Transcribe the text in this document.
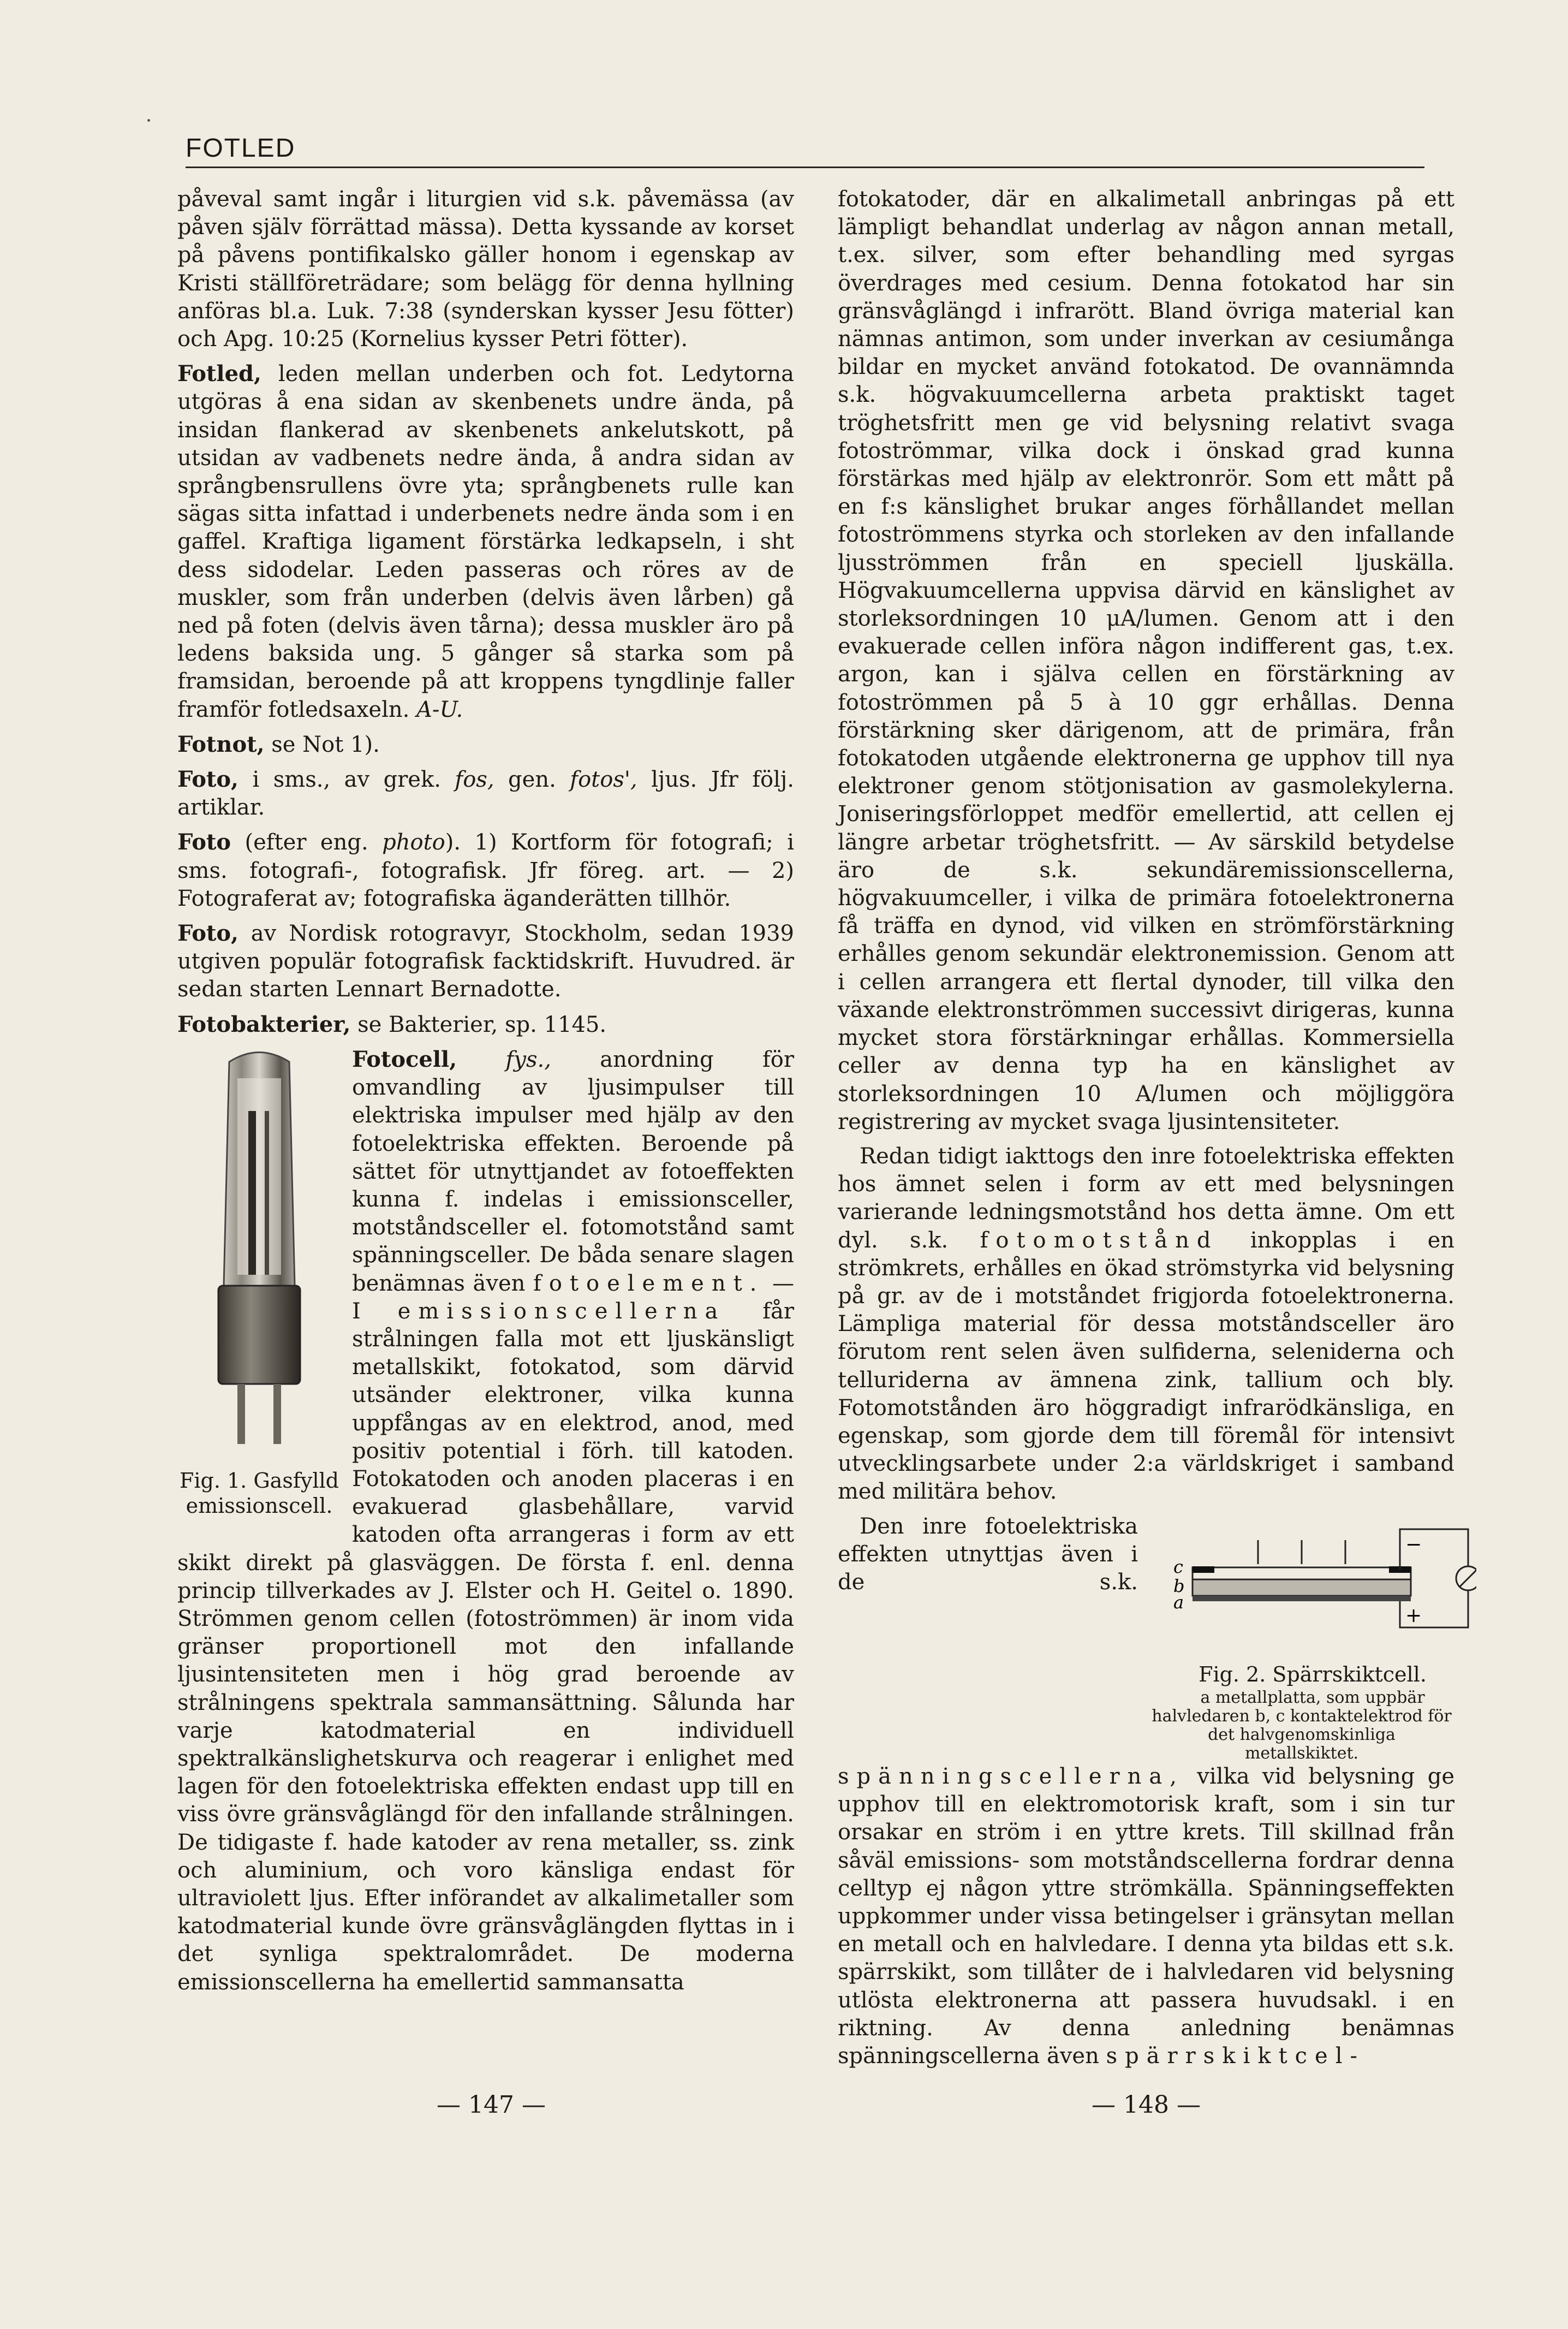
FOTLED

påveval samt ingår i liturgien vid s.k. påvemässa (av påven själv förrättad mässa). Detta kyssande av korset på påvens pontifikalsko gäller honom i egenskap av Kristi ställföreträdare; som belägg för denna hyllning anföras bl.a. Luk. 7:38 (synderskan kysser Jesu fötter) och Apg. 10:25 (Kornelius kysser Petri fötter).

Fotled, leden mellan underben och fot. Ledytorna utgöras å ena sidan av skenbenets undre ända, på insidan flankerad av skenbenets ankelutskott, på utsidan av vadbenets nedre ända, å andra sidan av språngbensrullens övre yta; språngbenets rulle kan sägas sitta infattad i underbenets nedre ända som i en gaffel. Kraftiga ligament förstärka ledkapseln, i sht dess sidodelar. Leden passeras och röres av de muskler, som från underben (delvis även lårben) gå ned på foten (delvis även tårna); dessa muskler äro på ledens baksida ung. 5 gånger så starka som på framsidan, beroende på att kroppens tyngdlinje faller framför fotledsaxeln. A-U.

Fotnot, se Not 1).

Foto, i sms., av grek. fos, gen. fotos', ljus. Jfr följ. artiklar.

Foto (efter eng. photo). 1) Kortform för fotografi; i sms. fotografi-, fotografisk. Jfr föreg. art. — 2) Fotograferat av; fotografiska äganderätten tillhör.

Foto, av Nordisk rotogravyr, Stockholm, sedan 1939 utgiven populär fotografisk facktidskrift. Huvudred. är sedan starten Lennart Bernadotte.

Fotobakterier, se Bakterier, sp. 1145.

Fig. 1. Gasfylld emissionscell.
Fotocell, fys., anordning för omvandling av ljusimpulser till elektriska impulser med hjälp av den fotoelektriska effekten. Beroende på sättet för utnyttjandet av fotoeffekten kunna f. indelas i emissionsceller, motståndsceller el. fotomotstånd samt spänningsceller. De båda senare slagen benämnas även fotoelement. — I emissionscellerna får strålningen falla mot ett ljuskänsligt metallskikt, fotokatod, som därvid utsänder elektroner, vilka kunna uppfångas av en elektrod, anod, med positiv potential i förh. till katoden. Fotokatoden och anoden placeras i en evakuerad glasbehållare, varvid katoden ofta arrangeras i form av ett skikt direkt på glasväggen. De första f. enl. denna princip tillverkades av J. Elster och H. Geitel o. 1890. Strömmen genom cellen (fotoströmmen) är inom vida gränser proportionell mot den infallande ljusintensiteten men i hög grad beroende av strålningens spektrala sammansättning. Sålunda har varje katodmaterial en individuell spektralkänslighetskurva och reagerar i enlighet med lagen för den fotoelektriska effekten endast upp till en viss övre gränsvåglängd för den infallande strålningen. De tidigaste f. hade katoder av rena metaller, ss. zink och aluminium, och voro känsliga endast för ultraviolett ljus. Efter införandet av alkalimetaller som katodmaterial kunde övre gränsvåglängden flyttas in i det synliga spektralområdet. De moderna emissionscellerna ha emellertid sammansatta

fotokatoder, där en alkalimetall anbringas på ett lämpligt behandlat underlag av någon annan metall, t.ex. silver, som efter behandling med syrgas överdrages med cesium. Denna fotokatod har sin gränsvåglängd i infrarött. Bland övriga material kan nämnas antimon, som under inverkan av cesiumånga bildar en mycket använd fotokatod. De ovannämnda s.k. högvakuumcellerna arbeta praktiskt taget tröghetsfritt men ge vid belysning relativt svaga fotoströmmar, vilka dock i önskad grad kunna förstärkas med hjälp av elektronrör. Som ett mått på en f:s känslighet brukar anges förhållandet mellan fotoströmmens styrka och storleken av den infallande ljusströmmen från en speciell ljuskälla. Högvakuumcellerna uppvisa därvid en känslighet av storleksordningen 10 μA/lumen. Genom att i den evakuerade cellen införa någon indifferent gas, t.ex. argon, kan i själva cellen en förstärkning av fotoströmmen på 5 à 10 ggr erhållas. Denna förstärkning sker därigenom, att de primära, från fotokatoden utgående elektronerna ge upphov till nya elektroner genom stötjonisation av gasmolekylerna. Joniseringsförloppet medför emellertid, att cellen ej längre arbetar tröghetsfritt. — Av särskild betydelse äro de s.k. sekundäremissionscellerna, högvakuumceller, i vilka de primära fotoelektronerna få träffa en dynod, vid vilken en strömförstärkning erhålles genom sekundär elektronemission. Genom att i cellen arrangera ett flertal dynoder, till vilka den växande elektronströmmen successivt dirigeras, kunna mycket stora förstärkningar erhållas. Kommersiella celler av denna typ ha en känslighet av storleksordningen 10 A/lumen och möjliggöra registrering av mycket svaga ljusintensiteter.

Redan tidigt iakttogs den inre fotoelektriska effekten hos ämnet selen i form av ett med belysningen varierande ledningsmotstånd hos detta ämne. Om ett dyl. s.k. fotomotstånd inkopplas i en strömkrets, erhålles en ökad strömstyrka vid belysning på gr. av de i motståndet frigjorda fotoelektronerna. Lämpliga material för dessa motståndsceller äro förutom rent selen även sulfiderna, seleniderna och telluriderna av ämnena zink, tallium och bly. Fotomotstånden äro höggradigt infrarödkänsliga, en egenskap, som gjorde dem till föremål för intensivt utvecklingsarbete under 2:a världskriget i samband med militära behov.

c
b
a
−
+
Fig. 2. Spärrskiktcell.
a metallplatta, som uppbär halvledaren b, c kontaktelektrod för det halvgenomskinliga metallskiktet.
Den inre fotoelektriska effekten utnyttjas även i de s.k. spänningscellerna, vilka vid belysning ge upphov till en elektromotorisk kraft, som i sin tur orsakar en ström i en yttre krets. Till skillnad från såväl emissions- som motståndscellerna fordrar denna celltyp ej någon yttre strömkälla. Spänningseffekten uppkommer under vissa betingelser i gränsytan mellan en metall och en halvledare. I denna yta bildas ett s.k. spärrskikt, som tillåter de i halvledaren vid belysning utlösta elektronerna att passera huvudsakl. i en riktning. Av denna anledning benämnas spänningscellerna även spärrskiktcel-

— 147 —	— 148 —
